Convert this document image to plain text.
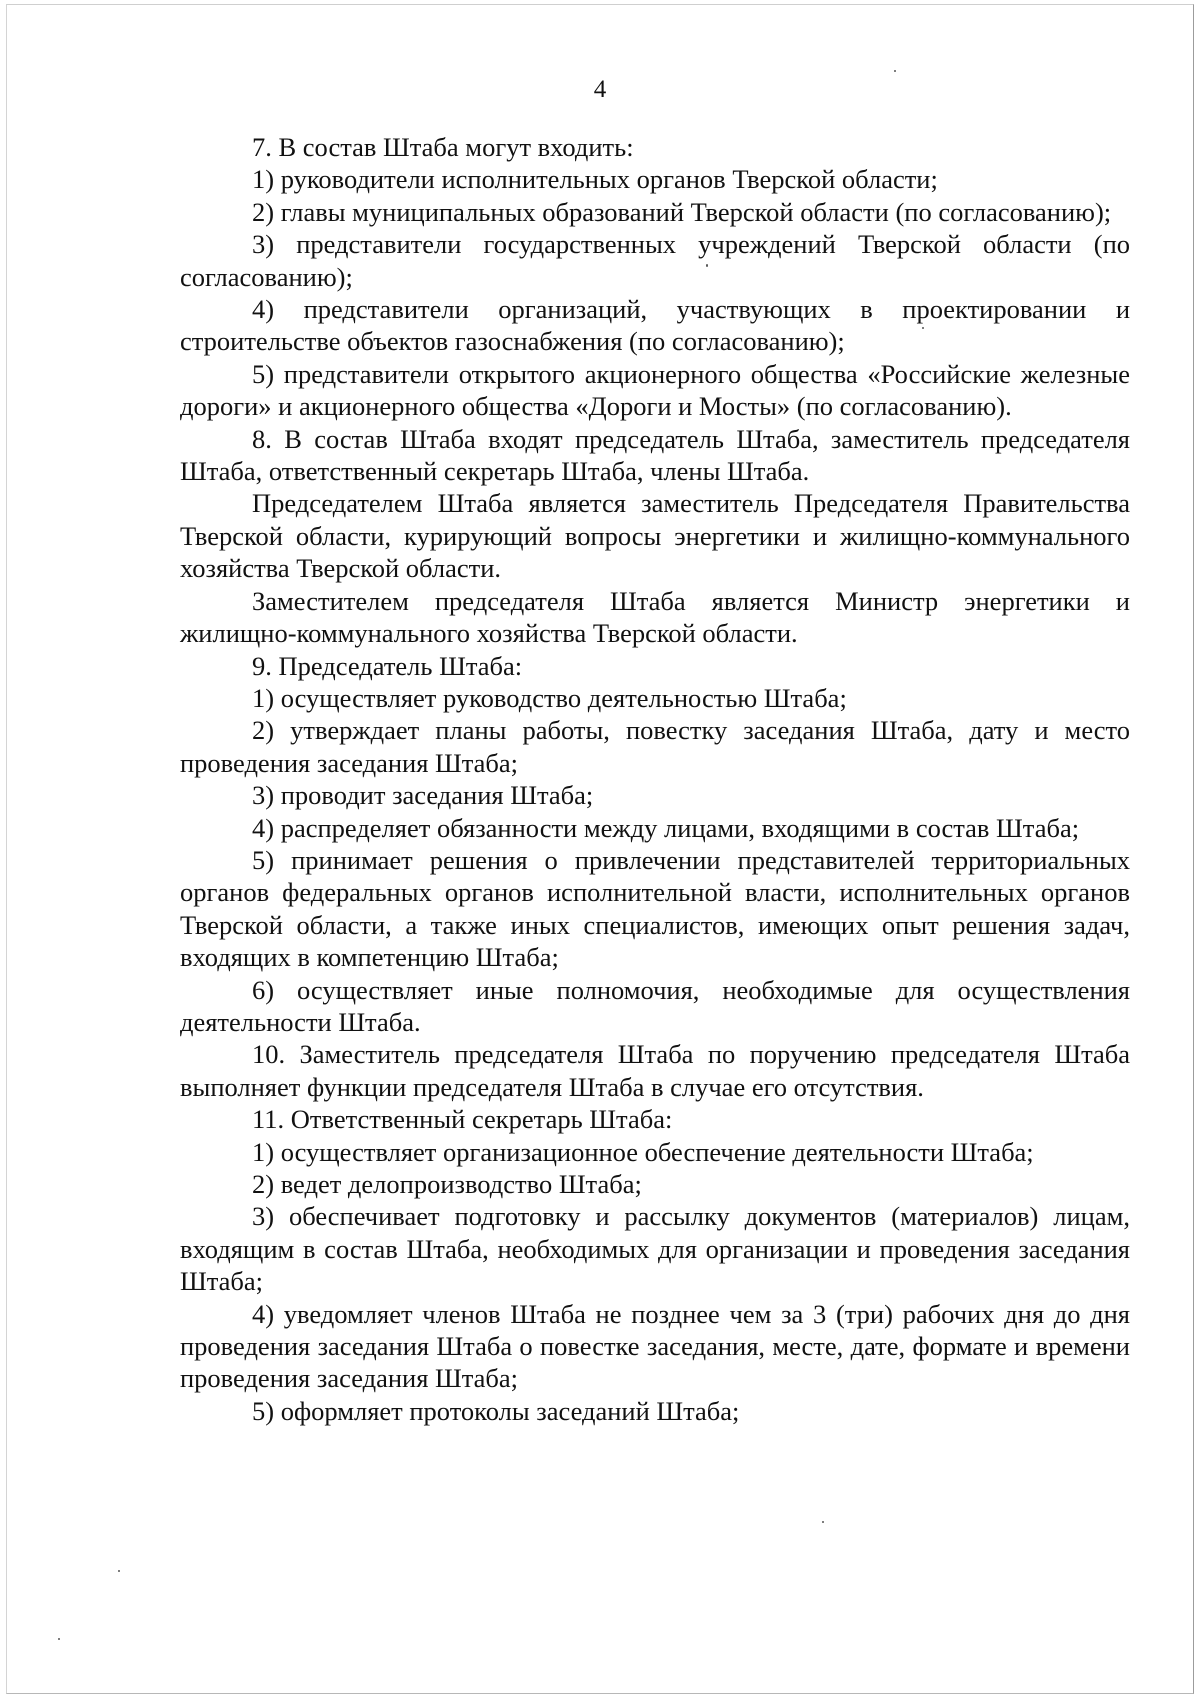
4

7. В состав Штаба могут входить:

1) руководители исполнительных органов Тверской области;

2) главы муниципальных образований Тверской области (по согласованию);

3) представители государственных учреждений Тверской области (по согласованию);

4) представители организаций, участвующих в проектировании и строительстве объектов газоснабжения (по согласованию);

5) представители открытого акционерного общества «Российские железные дороги» и акционерного общества «Дороги и Мосты» (по согласованию).

8. В состав Штаба входят председатель Штаба, заместитель председателя Штаба, ответственный секретарь Штаба, члены Штаба.

Председателем Штаба является заместитель Председателя Правительства Тверской области, курирующий вопросы энергетики и жилищно-коммунального хозяйства Тверской области.

Заместителем председателя Штаба является Министр энергетики и жилищно-коммунального хозяйства Тверской области.

9. Председатель Штаба:

1) осуществляет руководство деятельностью Штаба;

2) утверждает планы работы, повестку заседания Штаба, дату и место проведения заседания Штаба;

3) проводит заседания Штаба;

4) распределяет обязанности между лицами, входящими в состав Штаба;

5) принимает решения о привлечении представителей территориальных органов федеральных органов исполнительной власти, исполнительных органов Тверской области, а также иных специалистов, имеющих опыт решения задач, входящих в компетенцию Штаба;

6) осуществляет иные полномочия, необходимые для осуществления деятельности Штаба.

10. Заместитель председателя Штаба по поручению председателя Штаба выполняет функции председателя Штаба в случае его отсутствия.

11. Ответственный секретарь Штаба:

1) осуществляет организационное обеспечение деятельности Штаба;

2) ведет делопроизводство Штаба;

3) обеспечивает подготовку и рассылку документов (материалов) лицам, входящим в состав Штаба, необходимых для организации и проведения заседания Штаба;

4) уведомляет членов Штаба не позднее чем за 3 (три) рабочих дня до дня проведения заседания Штаба о повестке заседания, месте, дате, формате и времени проведения заседания Штаба;

5) оформляет протоколы заседаний Штаба;
